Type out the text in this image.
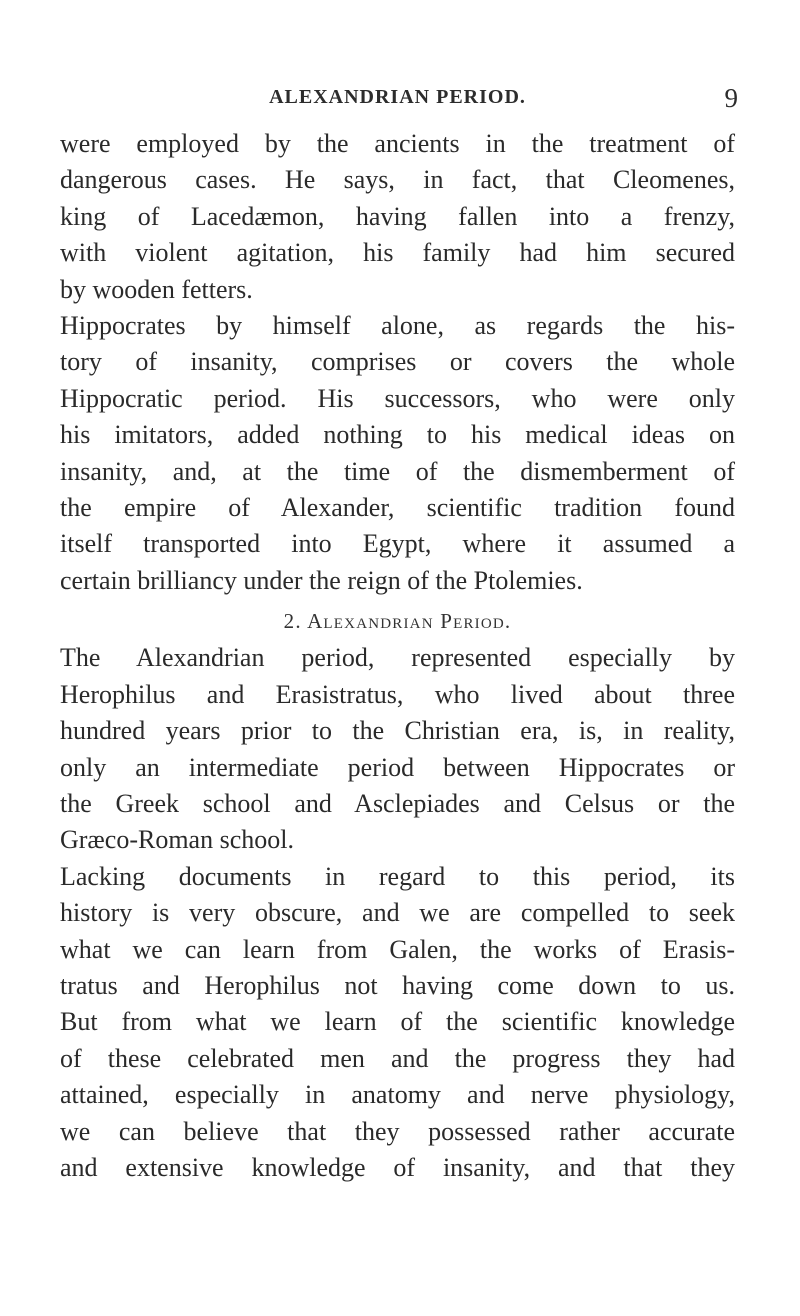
ALEXANDRIAN PERIOD.	9
were employed by the ancients in the treatment of
dangerous cases. He says, in fact, that Cleomenes,
king of Lacedæmon, having fallen into a frenzy,
with violent agitation, his family had him secured
by wooden fetters.
Hippocrates by himself alone, as regards the his-
tory of insanity, comprises or covers the whole
Hippocratic period. His successors, who were only
his imitators, added nothing to his medical ideas on
insanity, and, at the time of the dismemberment of
the empire of Alexander, scientific tradition found
itself transported into Egypt, where it assumed a
certain brilliancy under the reign of the Ptolemies.
2. Alexandrian Period.
The Alexandrian period, represented especially by
Herophilus and Erasistratus, who lived about three
hundred years prior to the Christian era, is, in reality,
only an intermediate period between Hippocrates or
the Greek school and Asclepiades and Celsus or the
Græco-Roman school.
Lacking documents in regard to this period, its
history is very obscure, and we are compelled to seek
what we can learn from Galen, the works of Erasis-
tratus and Herophilus not having come down to us.
But from what we learn of the scientific knowledge
of these celebrated men and the progress they had
attained, especially in anatomy and nerve physiology,
we can believe that they possessed rather accurate
and extensive knowledge of insanity, and that they
